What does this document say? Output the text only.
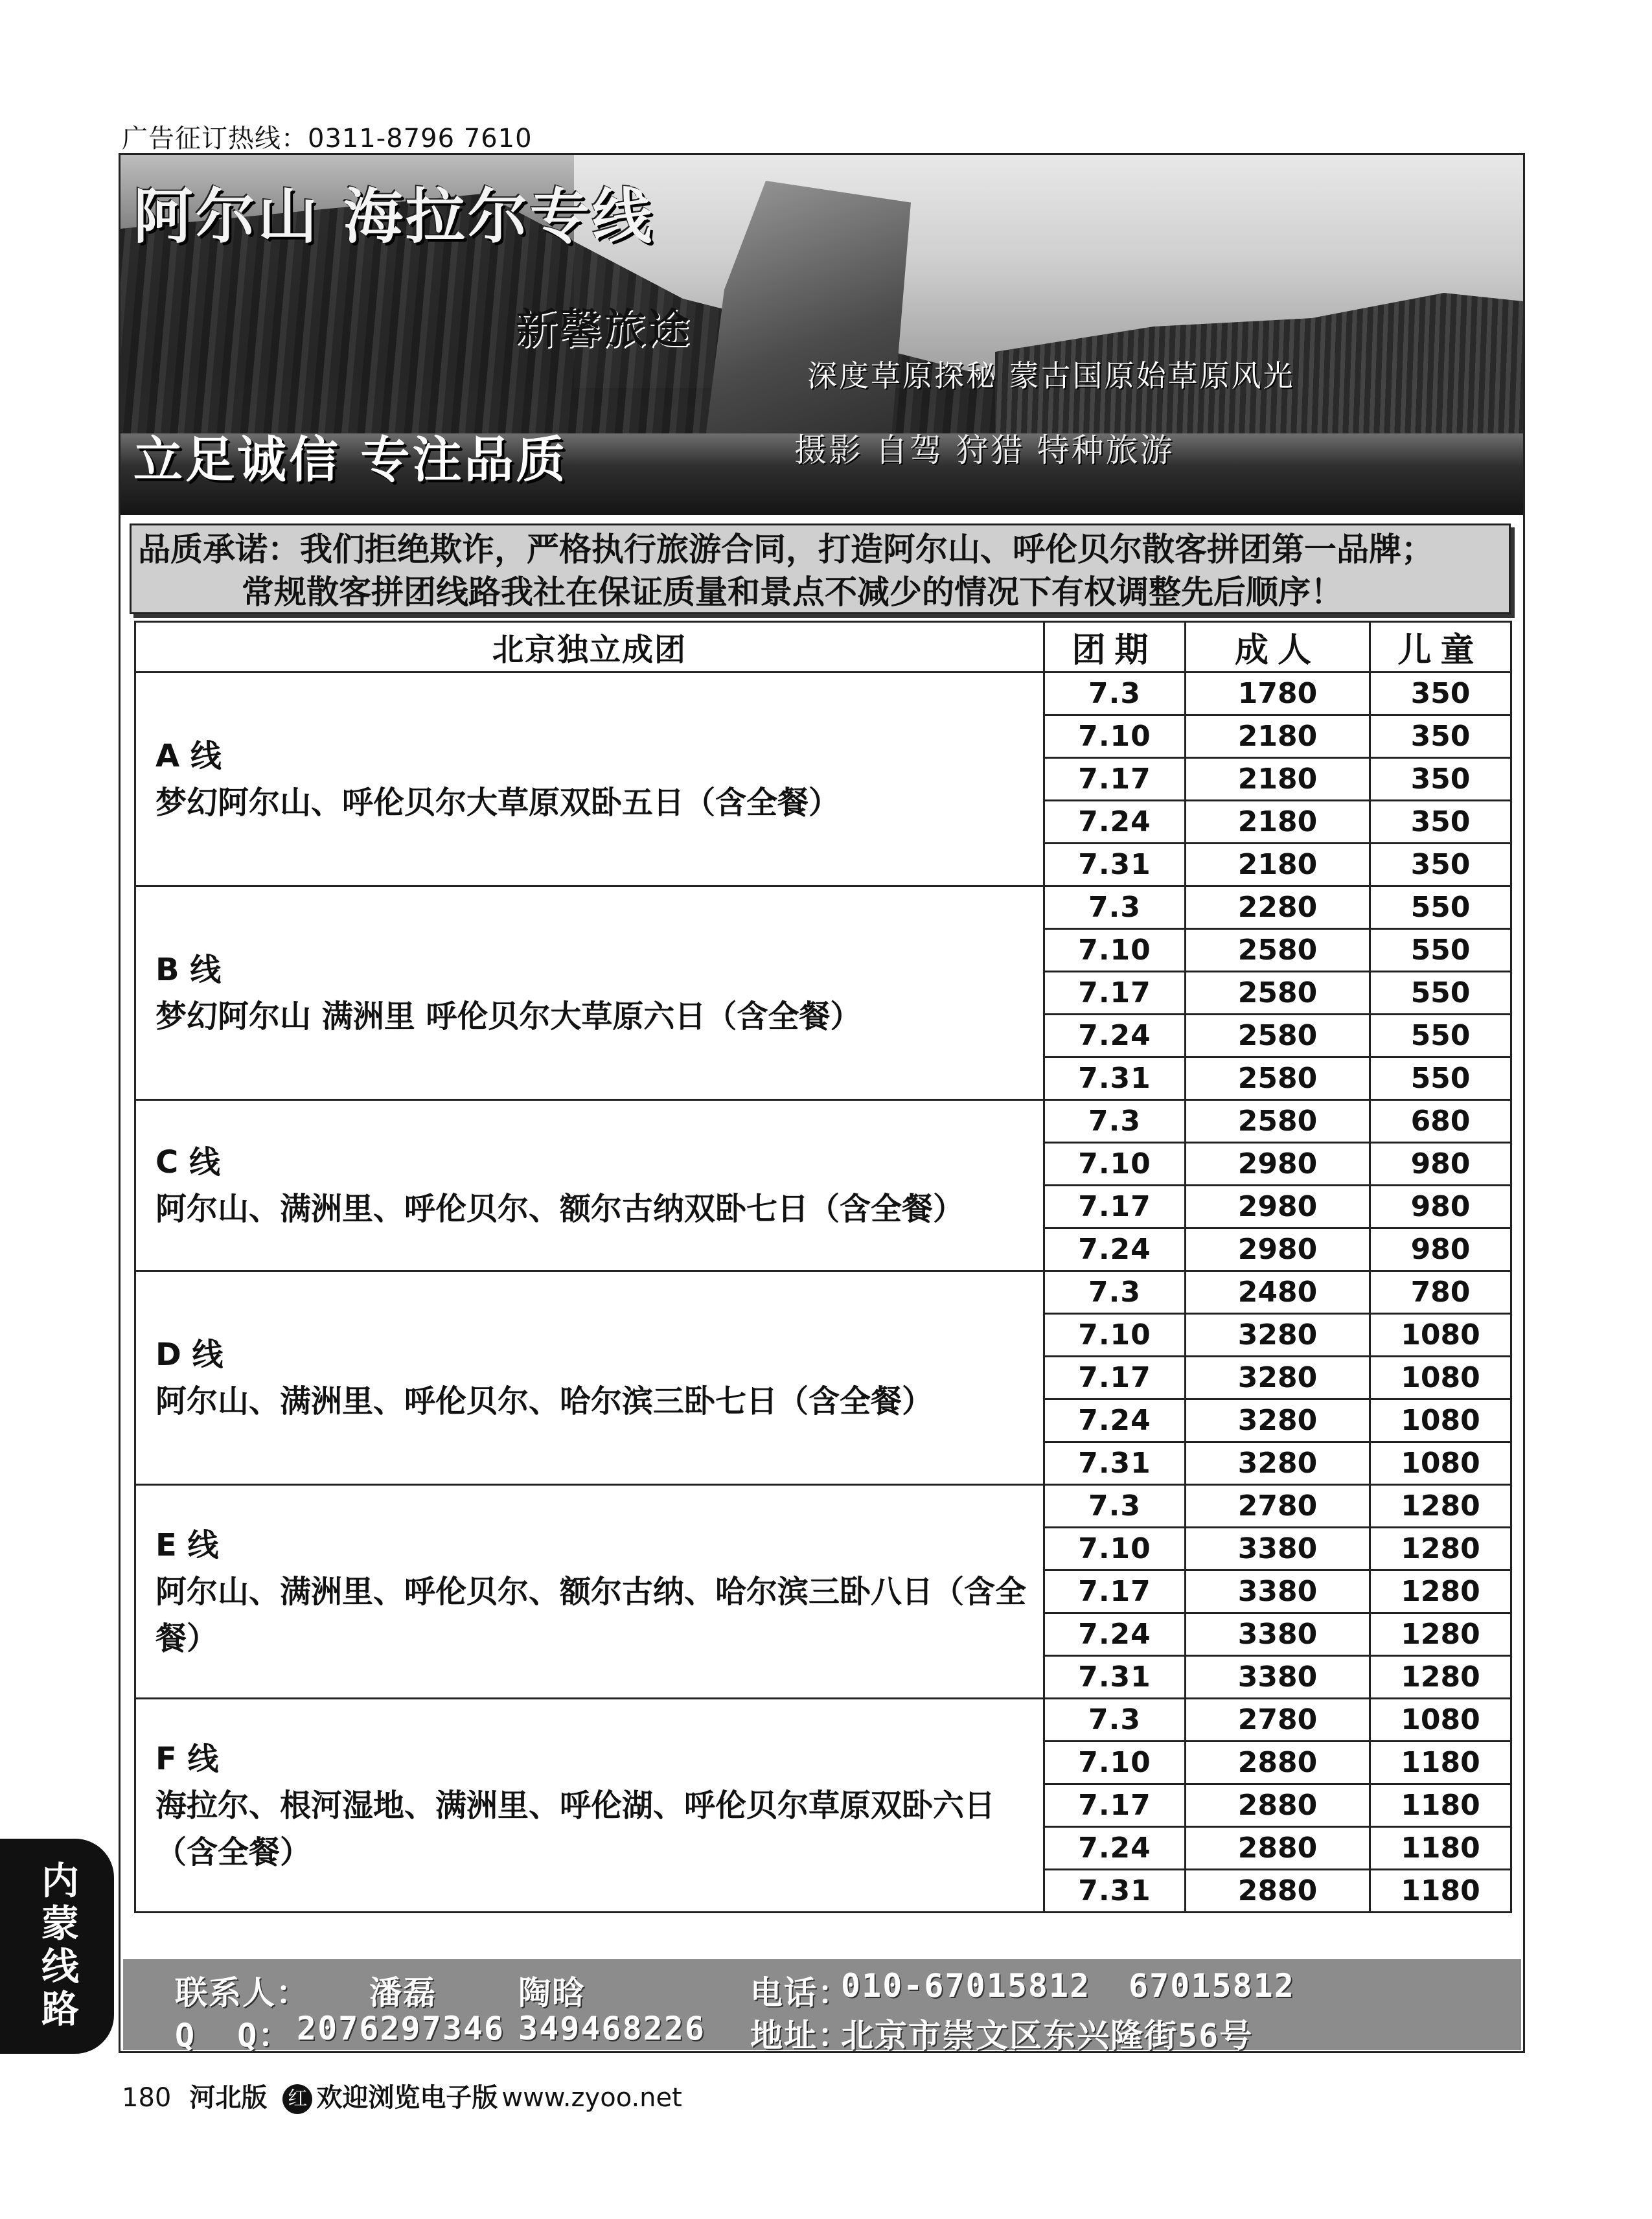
广告征订热线：0311-8796 7610
阿尔山 海拉尔专线
新馨旅途
深度草原探秘 蒙古国原始草原风光
立足诚信 专注品质	摄影 自驾 狩猎 特种旅游
品质承诺：我们拒绝欺诈，严格执行旅游合同，打造阿尔山、呼伦贝尔散客拼团第一品牌；
常规散客拼团线路我社在保证质量和景点不减少的情况下有权调整先后顺序！
北京独立成团	团期	成人	儿童

A 线
梦幻阿尔山、呼伦贝尔大草原双卧五日（含全餐）	7.3	1780	350
	7.10	2180	350
	7.17	2180	350
	7.24	2180	350
	7.31	2180	350

B 线
梦幻阿尔山 满洲里 呼伦贝尔大草原六日（含全餐）	7.3	2280	550
	7.10	2580	550
	7.17	2580	550
	7.24	2580	550
	7.31	2580	550

C 线
阿尔山、满洲里、呼伦贝尔、额尔古纳双卧七日（含全餐）	7.3	2580	680
	7.10	2980	980
	7.17	2980	980
	7.24	2980	980

D 线
阿尔山、满洲里、呼伦贝尔、哈尔滨三卧七日（含全餐）	7.3	2480	780
	7.10	3280	1080
	7.17	3280	1080
	7.24	3280	1080
	7.31	3280	1080

E 线
阿尔山、满洲里、呼伦贝尔、额尔古纳、哈尔滨三卧八日（含全餐）	7.3	2780	1280
	7.10	3380	1280
	7.17	3380	1280
	7.24	3380	1280
	7.31	3380	1280

F 线
海拉尔、根河湿地、满洲里、呼伦湖、呼伦贝尔草原双卧六日 （含全餐）	7.3	2780	1080
	7.10	2880	1180
	7.17	2880	1180
	7.24	2880	1180
	7.31	2880	1180
联系人： 潘磊	陶晗	电话：
010-67015812 67015812
Q  Q： 2076297346 349468226 地址：
北京市崇文区东兴隆街56号
内蒙线路
180 河北版 红 欢迎浏览电子版 www.zyoo.net
